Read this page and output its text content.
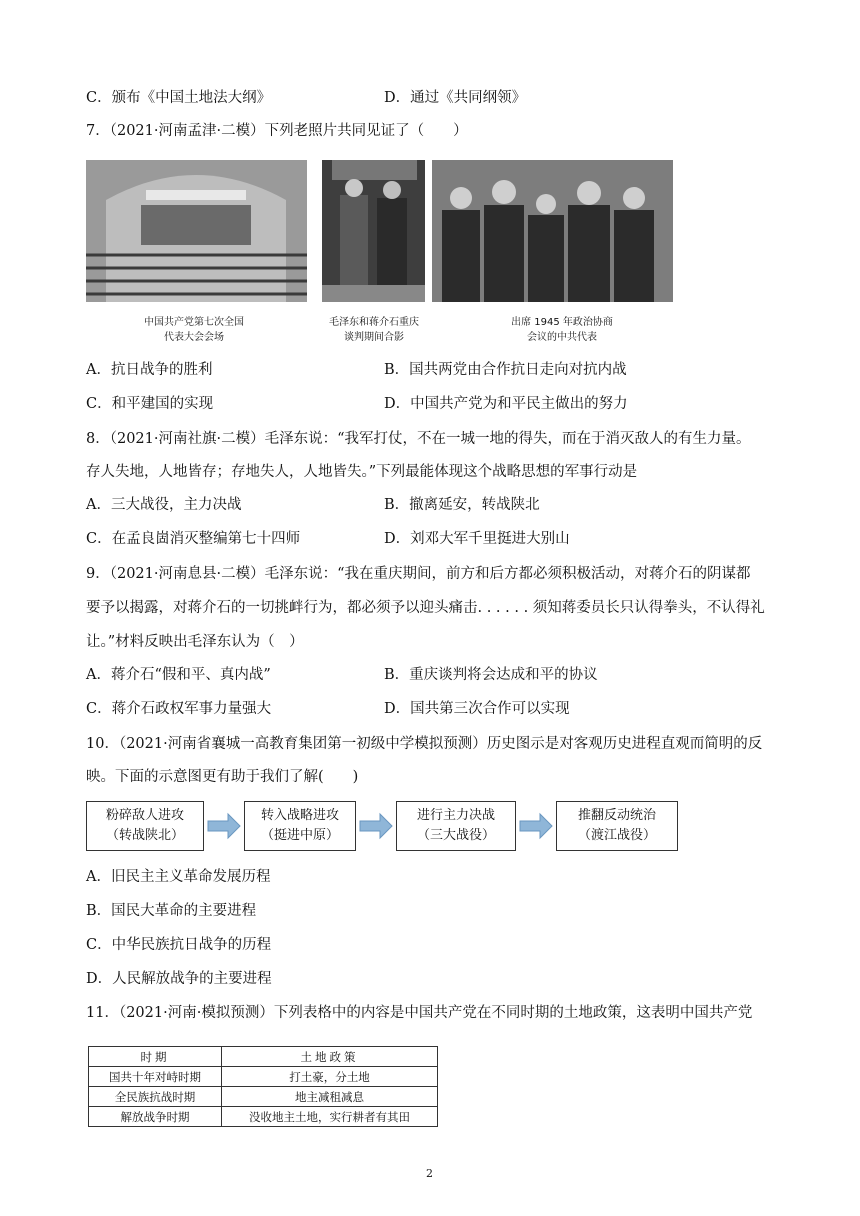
C．颁布《中国土地法大纲》	D．通过《共同纲领》
7．（2021·河南孟津·二模）下列老照片共同见证了（　　）
中国共产党第七次全国
代表大会会场
毛泽东和蒋介石重庆
谈判期间合影
出席 1945 年政治协商
会议的中共代表
A．抗日战争的胜利	B．国共两党由合作抗日走向对抗内战
C．和平建国的实现	D．中国共产党为和平民主做出的努力
8．（2021·河南社旗·二模）毛泽东说：“我军打仗，不在一城一地的得失，而在于消灭敌人的有生力量。
存人失地，人地皆存；存地失人，人地皆失。”下列最能体现这个战略思想的军事行动是
A．三大战役，主力决战	B．撤离延安，转战陕北
C．在孟良崮消灭整编第七十四师	D．刘邓大军千里挺进大别山
9．（2021·河南息县·二模）毛泽东说：“我在重庆期间，前方和后方都必须积极活动，对蒋介石的阴谋都
要予以揭露，对蒋介石的一切挑衅行为，都必须予以迎头痛击. . . . . . 须知蒋委员长只认得拳头，不认得礼
让。”材料反映出毛泽东认为（　）
A．蒋介石“假和平、真内战”	B．重庆谈判将会达成和平的协议
C．蒋介石政权军事力量强大	D．国共第三次合作可以实现
10．（2021·河南省襄城一高教育集团第一初级中学模拟预测）历史图示是对客观历史进程直观而简明的反
映。下面的示意图更有助于我们了解(　　)
粉碎敌人进攻
（转战陕北）
转入战略进攻
（挺进中原）
进行主力决战
（三大战役）
推翻反动统治
（渡江战役）
A．旧民主主义革命发展历程
B．国民大革命的主要进程
C．中华民族抗日战争的历程
D．人民解放战争的主要进程
11．（2021·河南·模拟预测）下列表格中的内容是中国共产党在不同时期的土地政策，这表明中国共产党
时期	土地政策
国共十年对峙时期	打土豪，分土地
全民族抗战时期	地主减租减息
解放战争时期	没收地主土地，实行耕者有其田
2
